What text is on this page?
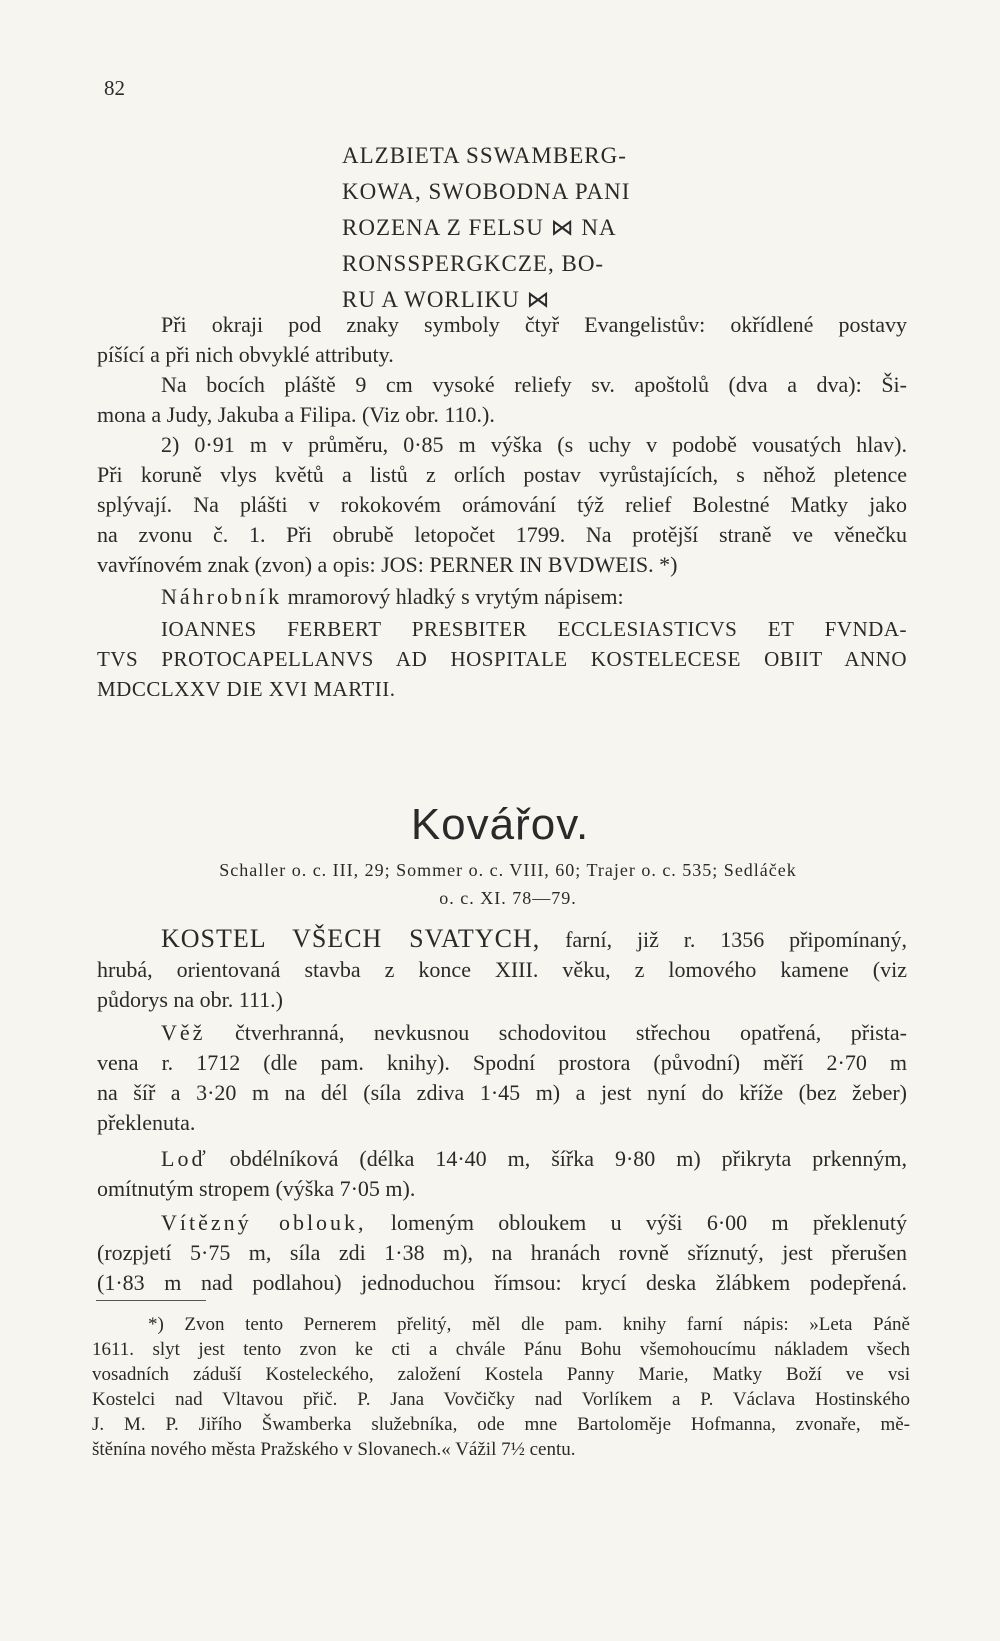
82
ALZBIETA SSWAMBERG-
KOWA, SWOBODNA PANI
ROZENA Z FELSU ⋈ NA
RONSSPERGKCZE, BO-
RU A WORLIKU ⋈
Při okraji pod znaky symboly čtyř Evangelistův: okřídlené postavy
píšící a při nich obvyklé attributy.
Na bocích pláště 9 cm vysoké reliefy sv. apoštolů (dva a dva): Ši-
mona a Judy, Jakuba a Filipa. (Viz obr. 110.).
2) 0·91 m v průměru, 0·85 m výška (s uchy v podobě vousatých hlav).
Při koruně vlys květů a listů z orlích postav vyrůstajících, s něhož pletence
splývají. Na plášti v rokokovém orámování týž relief Bolestné Matky jako
na zvonu č. 1. Při obrubě letopočet 1799. Na protější straně ve věnečku
vavřínovém znak (zvon) a opis: JOS: PERNER IN BVDWEIS. *)
Náhrobník mramorový hladký s vrytým nápisem:
IOANNES FERBERT PRESBITER ECCLESIASTICVS ET FVNDA-
TVS PROTOCAPELLANVS AD HOSPITALE KOSTELECESE OBIIT ANNO
MDCCLXXV DIE XVI MARTII.
Kovářov.
Schaller o. c. III, 29; Sommer o. c. VIII, 60; Trajer o. c. 535; Sedláček
o. c. XI. 78—79.
KOSTEL VŠECH SVATYCH, farní, již r. 1356 připomínaný,
hrubá, orientovaná stavba z konce XIII. věku, z lomového kamene (viz
půdorys na obr. 111.)
Věž čtverhranná, nevkusnou schodovitou střechou opatřená, přista-
vena r. 1712 (dle pam. knihy). Spodní prostora (původní) měří 2·70 m
na šíř a 3·20 m na dél (síla zdiva 1·45 m) a jest nyní do kříže (bez žeber)
překlenuta.
Loď obdélníková (délka 14·40 m, šířka 9·80 m) přikryta prkenným,
omítnutým stropem (výška 7·05 m).
Vítězný oblouk, lomeným obloukem u výši 6·00 m překlenutý
(rozpjetí 5·75 m, síla zdi 1·38 m), na hranách rovně sříznutý, jest přerušen
(1·83 m nad podlahou) jednoduchou římsou: krycí deska žlábkem podepřená.
*) Zvon tento Pernerem přelitý, měl dle pam. knihy farní nápis: »Leta Páně
1611. slyt jest tento zvon ke cti a chvále Pánu Bohu všemohoucímu nákladem všech
vosadních záduší Kosteleckého, založení Kostela Panny Marie, Matky Boží ve vsi
Kostelci nad Vltavou přič. P. Jana Vovčičky nad Vorlíkem a P. Václava Hostinského
J. M. P. Jiřího Šwamberka služebníka, ode mne Bartoloměje Hofmanna, zvonaře, mě-
štěnína nového města Pražského v Slovanech.« Vážil 7½ centu.
